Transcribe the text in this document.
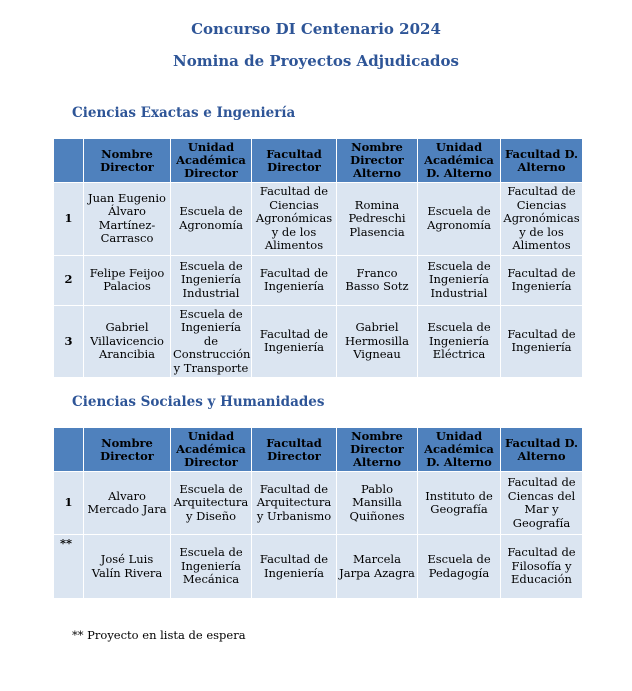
Concurso DI Centenario 2024
Nomina de Proyectos Adjudicados
Ciencias Exactas e Ingeniería
	Nombre Director	Unidad Académica Director	Facultad Director	Nombre Director Alterno	Unidad Académica D. Alterno	Facultad D. Alterno
1	Juan Eugenio Álvaro Martínez-Carrasco	Escuela de Agronomía	Facultad de Ciencias Agronómicas y de los Alimentos	Romina Pedreschi Plasencia	Escuela de Agronomía	Facultad de Ciencias Agronómicas y de los Alimentos
2	Felipe Feijoo Palacios	Escuela de Ingeniería Industrial	Facultad de Ingeniería	Franco Basso Sotz	Escuela de Ingeniería Industrial	Facultad de Ingeniería
3	Gabriel Villavicencio Arancibia	Escuela de Ingeniería de Construcción y Transporte	Facultad de Ingeniería	Gabriel Hermosilla Vigneau	Escuela de Ingeniería Eléctrica	Facultad de Ingeniería
Ciencias Sociales y Humanidades
	Nombre Director	Unidad Académica Director	Facultad Director	Nombre Director Alterno	Unidad Académica D. Alterno	Facultad D. Alterno
1	Alvaro Mercado Jara	Escuela de Arquitectura y Diseño	Facultad de Arquitectura y Urbanismo	Pablo Mansilla Quiñones	Instituto de Geografía	Facultad de Ciencas del Mar y Geografía
**	José Luis Valín Rivera	Escuela de Ingeniería Mecánica	Facultad de Ingeniería	Marcela Jarpa Azagra	Escuela de Pedagogía	Facultad de Filosofía y Educación
** Proyecto en lista de espera
